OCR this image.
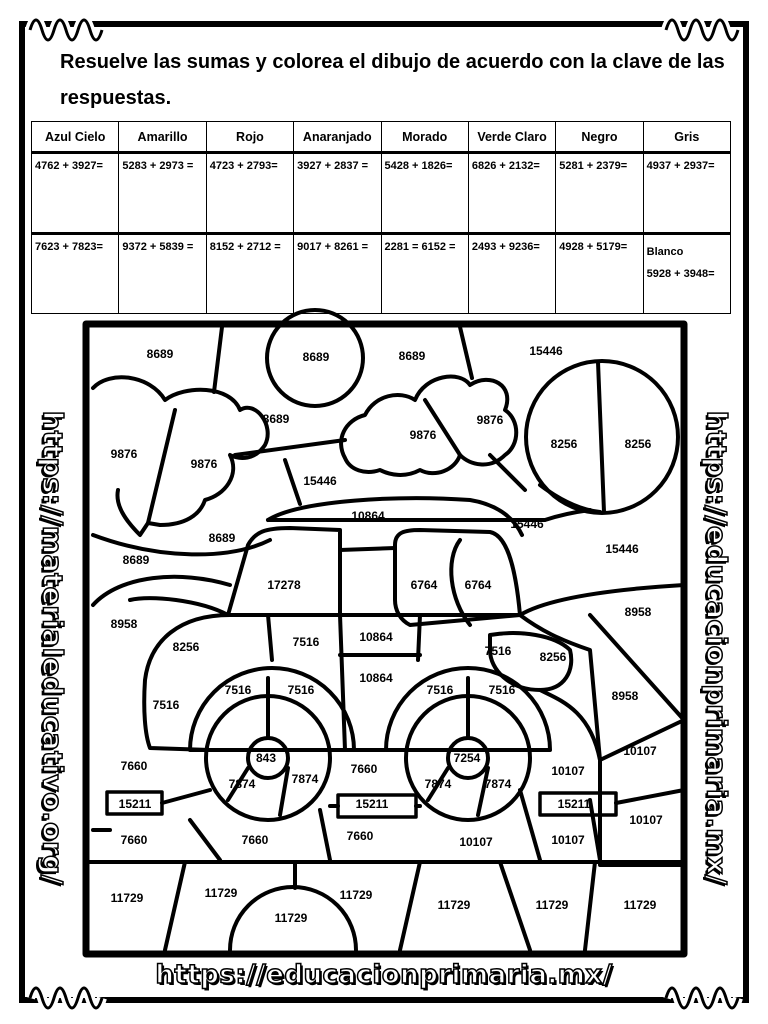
Resuelve las sumas y colorea el dibujo de acuerdo con la clave de las respuestas.
Azul Cielo	Amarillo	Rojo	Anaranjado	Morado	Verde Claro	Negro	Gris
4762 + 3927=	5283 + 2973 =	4723 + 2793=	3927 + 2837 =	5428 + 1826=	6826 + 2132=	5281 + 2379=	4937 + 2937=
7623 + 7823=	9372 + 5839 =	8152 + 2712 =	9017 + 8261 =	2281 = 6152 =	2493 + 9236=	4928 + 5179=	Blanco
5928 + 3948=
8689	8689	8689	15446
8689	9876
9876
9876
9876
8256	8256
15446
10864
15446
8689
8689
15446
17278	6764 6764
8958
8958
10864
7516
8256	7516 8256
10864
7516	7516	7516	7516	8958
7516
10107
843	7254
7660	7660	10107
7874	7874	7874	7874
15211	15211	15211
10107
7660	7660	7660	10107	10107
11729	11729	11729
11729	11729	11729
11729
https://materialeducativo.org/	https://educacionprimaria.mx/
https://educacionprimaria.mx/
